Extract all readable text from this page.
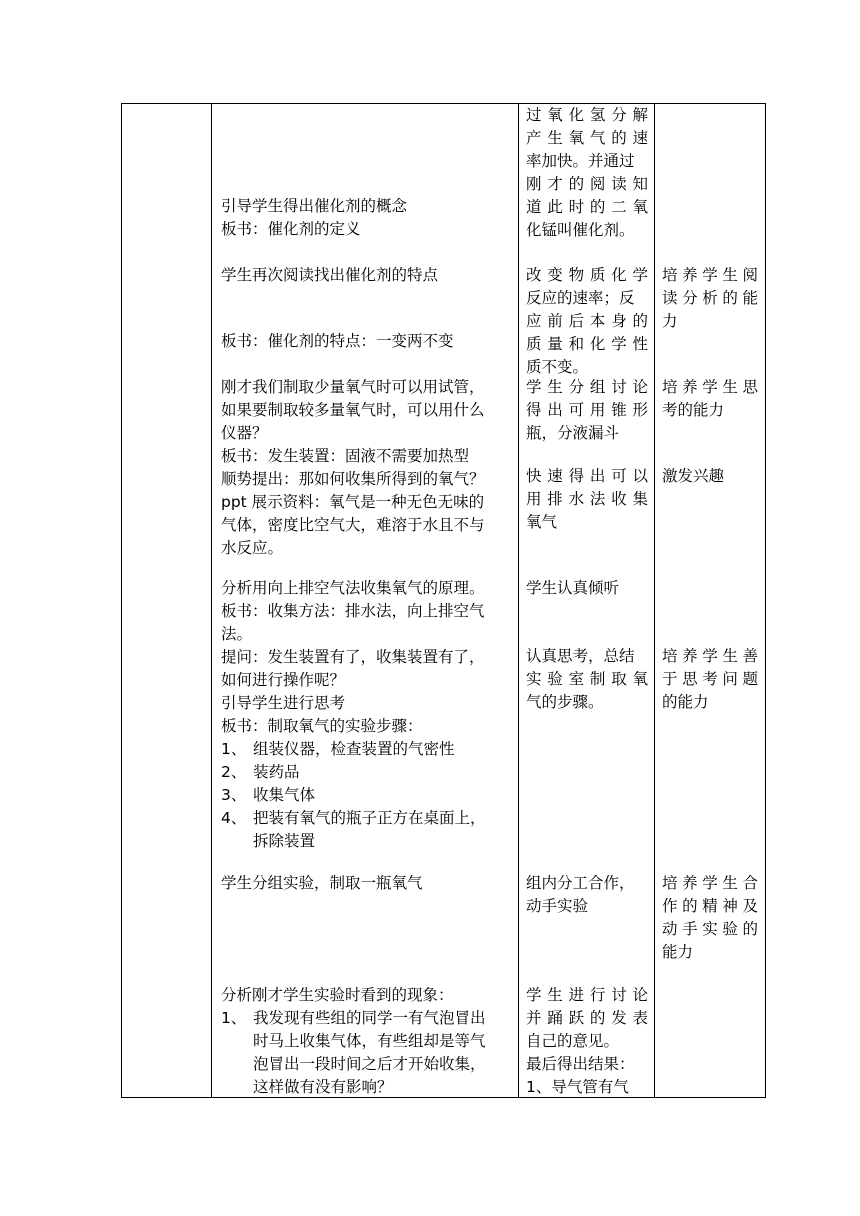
引导学生得出催化剂的概念
板书：催化剂的定义
学生再次阅读找出催化剂的特点
板书：催化剂的特点：一变两不变
刚才我们制取少量氧气时可以用试管，
如果要制取较多量氧气时，可以用什么
仪器？
板书：发生装置：固液不需要加热型
顺势提出：那如何收集所得到的氧气？
ppt 展示资料：氧气是一种无色无味的
气体，密度比空气大，难溶于水且不与
水反应。
分析用向上排空气法收集氧气的原理。
板书：收集方法：排水法，向上排空气
法。
提问：发生装置有了，收集装置有了，
如何进行操作呢？
引导学生进行思考
板书：制取氧气的实验步骤：
1、 组装仪器，检查装置的气密性
2、 装药品
3、 收集气体
4、 把装有氧气的瓶子正方在桌面上，
拆除装置
学生分组实验，制取一瓶氧气
分析刚才学生实验时看到的现象：
1、 我发现有些组的同学一有气泡冒出
时马上收集气体，有些组却是等气
泡冒出一段时间之后才开始收集，
这样做有没有影响？
过氧化氢分解
产生氧气的速
率加快。并通过
刚才的阅读知
道此时的二氧
化锰叫催化剂。
改变物质化学
反应的速率；反
应前后本身的
质量和化学性
质不变。
学生分组讨论
得出可用锥形
瓶，分液漏斗
快速得出可以
用排水法收集
氧气
学生认真倾听
认真思考，总结
实验室制取氧
气的步骤。
组内分工合作，
动手实验
学生进行讨论
并踊跃的发表
自己的意见。
最后得出结果：
1、导气管有气
培养学生阅
读分析的能
力
培养学生思
考的能力
激发兴趣
培养学生善
于思考问题
的能力
培养学生合
作的精神及
动手实验的
能力
